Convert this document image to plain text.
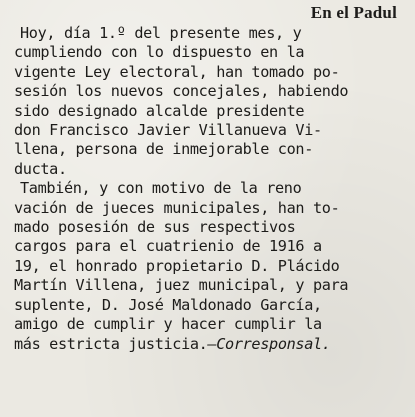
En el Padul
Hoy, día 1.º del presente mes, y
cumpliendo con lo dispuesto en la
vigente Ley electoral, han tomado po-
sesión los nuevos concejales, habiendo
sido designado alcalde presidente
don Francisco Javier Villanueva Vi-
llena, persona de inmejorable con-
ducta.
También, y con motivo de la reno
vación de jueces municipales, han to-
mado posesión de sus respectivos
cargos para el cuatrienio de 1916 a
19, el honrado propietario D. Plácido
Martín Villena, juez municipal, y para
suplente, D. José Maldonado García,
amigo de cumplir y hacer cumplir la
más estricta justicia.—Corresponsal.
